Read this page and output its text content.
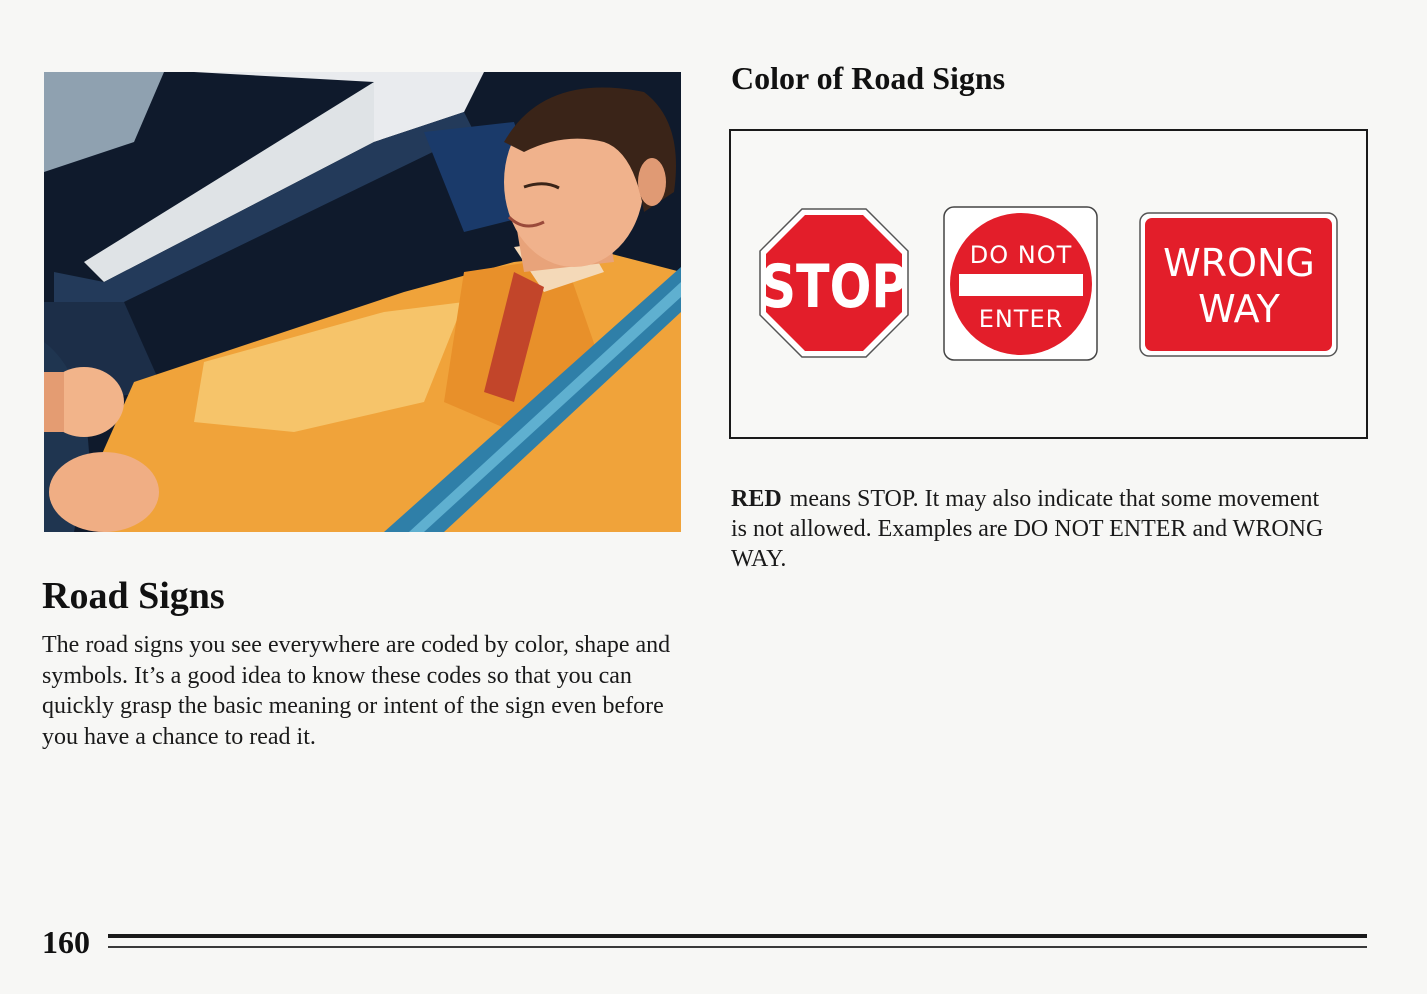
Road Signs

The road signs you see everywhere are coded by color, shape and symbols. It’s a good idea to know these codes so that you can quickly grasp the basic meaning or intent of the sign even before you have a chance to read it.

Color of Road Signs
STOP	DO NOT
ENTER
WRONG
WAY

RED means STOP. It may also indicate that some movement is not allowed. Examples are DO NOT ENTER and WRONG WAY.

160
